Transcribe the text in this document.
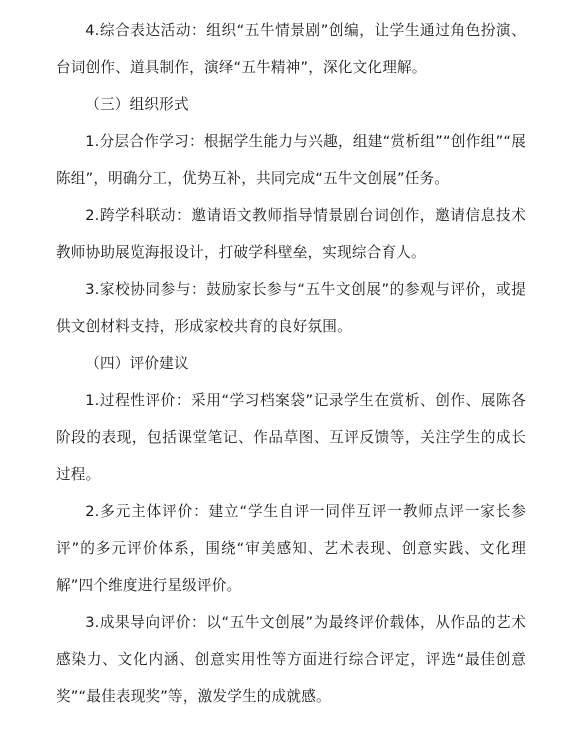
4.综合表达活动：组织“五牛情景剧”创编，让学生通过角色扮演、台词创作、道具制作，演绎“五牛精神”，深化文化理解。

（三）组织形式

1.分层合作学习：根据学生能力与兴趣，组建“赏析组”“创作组”“展陈组”，明确分工，优势互补，共同完成“五牛文创展”任务。

2.跨学科联动：邀请语文教师指导情景剧台词创作，邀请信息技术教师协助展览海报设计，打破学科壁垒，实现综合育人。

3.家校协同参与：鼓励家长参与“五牛文创展”的参观与评价，或提供文创材料支持，形成家校共育的良好氛围。

（四）评价建议

1.过程性评价：采用“学习档案袋”记录学生在赏析、创作、展陈各阶段的表现，包括课堂笔记、作品草图、互评反馈等，关注学生的成长过程。

2.多元主体评价：建立“学生自评一同伴互评一教师点评一家长参评”的多元评价体系，围绕“审美感知、艺术表现、创意实践、文化理解”四个维度进行星级评价。

3.成果导向评价：以“五牛文创展”为最终评价载体，从作品的艺术感染力、文化内涵、创意实用性等方面进行综合评定，评选“最佳创意奖”“最佳表现奖”等，激发学生的成就感。
